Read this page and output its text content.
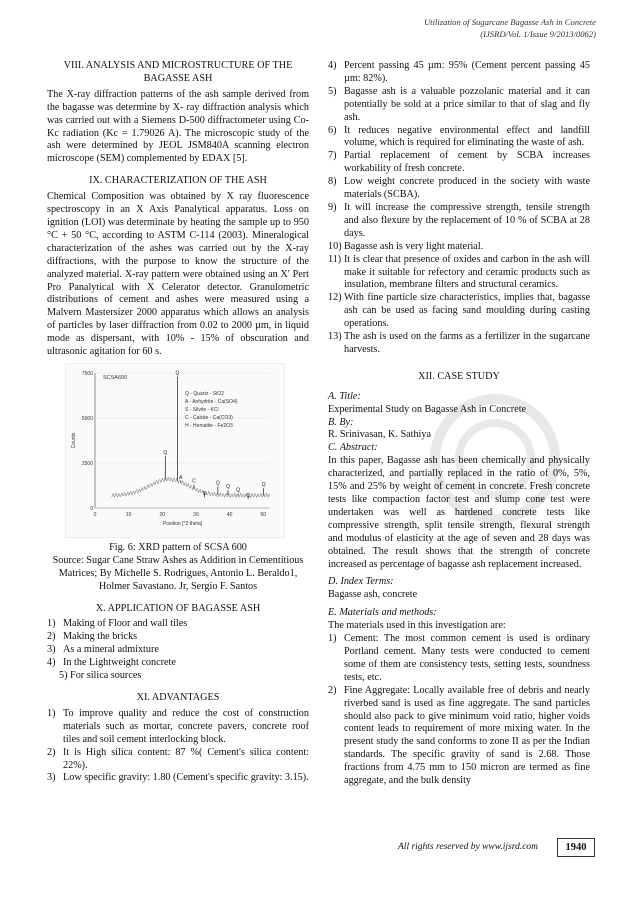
Utilization of Sugarcane Bagasse Ash in Concrete
(IJSRD/Vol. 1/Issue 9/2013/0062)

VIII. ANALYSIS AND MICROSTRUCTURE OF THE BAGASSE ASH

The X-ray diffraction patterns of the ash sample derived from the bagasse was determine by X- ray diffraction analysis which was carried out with a Siemens D-500 diffractometer using Co- Kc radiation (Kc = 1.79026 A). The microscopic study of the ash were determined by JEOL JSM840A scanning electron microscope (SEM) complemented by EDAX [5].

IX. CHARACTERIZATION OF THE ASH

Chemical Composition was obtained by X ray fluorescence spectroscopy in an X Axis Panalytical apparatus. Loss on ignition (LOI) was determinate by heating the sample up to 950 °C + 50 °C, according to ASTM C-114 (2003). Mineralogical characterization of the ashes was carried out by the X-ray diffractions, with the purpose to know the structure of the analyzed material. X-ray pattern were obtained using an X' Pert Pro Panalytical with X Celerator detector. Granulometric distributions of cement and ashes were measured using a Malvern Mastersizer 2000 apparatus which allows an analysis of particles by laser diffraction from 0.02 to 2000 µm, in liquid mode as dispersant, with 10% - 15% of obscuration and ultrasonic agitation for 60 s.

0	10	20	30	40	50
0
2500
5000
7500
SCSA600
Position [°2 theta]
Counts
Q
Q
A
C
S
Q
Q
Q
C
Q
Q - Quartz - SiO2
A - Anhydrite - Ca(SO4)
S - Silvite - KCl
C - Calcite - Ca(CO3)
H - Hematite - Fe2O3

Fig. 6: XRD pattern of SCSA 600

Source: Sugar Cane Straw Ashes as Addition in Cementitious Matrices; By Michelle S. Rodrigues, Antonio L. Beraldo1, Holmer Savastano. Jr, Sergio F. Santos

X. APPLICATION OF BAGASSE ASH

1) Making of Floor and wall tiles
2) Making the bricks
3) As a mineral admixture
4) In the Lightweight concrete

5) For silica sources

XI. ADVANTAGES

1) To improve quality and reduce the cost of construction materials such as mortar, concrete pavers, concrete roof tiles and soil cement interlocking block.
2) It is High silica content: 87 %( Cement's silica content: 22%).
3) Low specific gravity: 1.80 (Cement's specific gravity: 3.15).
4) Percent passing 45 µm: 95% (Cement percent passing 45 µm: 82%).
5) Bagasse ash is a valuable pozzolanic material and it can potentially be sold at a price similar to that of slag and fly ash.
6) It reduces negative environmental effect and landfill volume, which is required for eliminating the waste of ash.
7) Partial replacement of cement by SCBA increases workability of fresh concrete.
8) Low weight concrete produced in the society with waste materials (SCBA).
9) It will increase the compressive strength, tensile strength and also flexure by the replacement of 10 % of SCBA at 28 days.
10) Bagasse ash is very light material.
11) It is clear that presence of oxides and carbon in the ash will make it suitable for refectory and ceramic products such as insulation, membrane filters and structural ceramics.
12) With fine particle size characteristics, implies that, bagasse ash can be used as facing sand moulding during casting operations.
13) The ash is used on the farms as a fertilizer in the sugarcane harvests.

XII. CASE STUDY

A. Title:

Experimental Study on Bagasse Ash in Concrete

B. By:

R. Srinivasan, K. Sathiya

C. Abstract:

In this paper, Bagasse ash has been chemically and physically characterized, and partially replaced in the ratio of 0%, 5%, 15% and 25% by weight of cement in concrete. Fresh concrete tests like compaction factor test and slump cone test were undertaken was well as hardened concrete tests like compressive strength, split tensile strength, flexural strength and modulus of elasticity at the age of seven and 28 days was obtained. The result shows that the strength of concrete increased as percentage of bagasse ash replacement increased.

D. Index Terms:

Bagasse ash, concrete

E. Materials and methods:

The materials used in this investigation are:

1) Cement: The most common cement is used is ordinary Portland cement. Many tests were conducted to cement some of them are consistency tests, setting tests, soundness tests, etc.
2) Fine Aggregate: Locally available free of debris and nearly riverbed sand is used as fine aggregate. The sand particles should also pack to give minimum void ratio, higher voids content leads to requirement of more mixing water. In the present study the sand conforms to zone II as per the Indian standards. The specific gravity of sand is 2.68. Those fractions from 4.75 mm to 150 micron are termed as fine aggregate, and the bulk density
All rights reserved by www.ijsrd.com	1940
